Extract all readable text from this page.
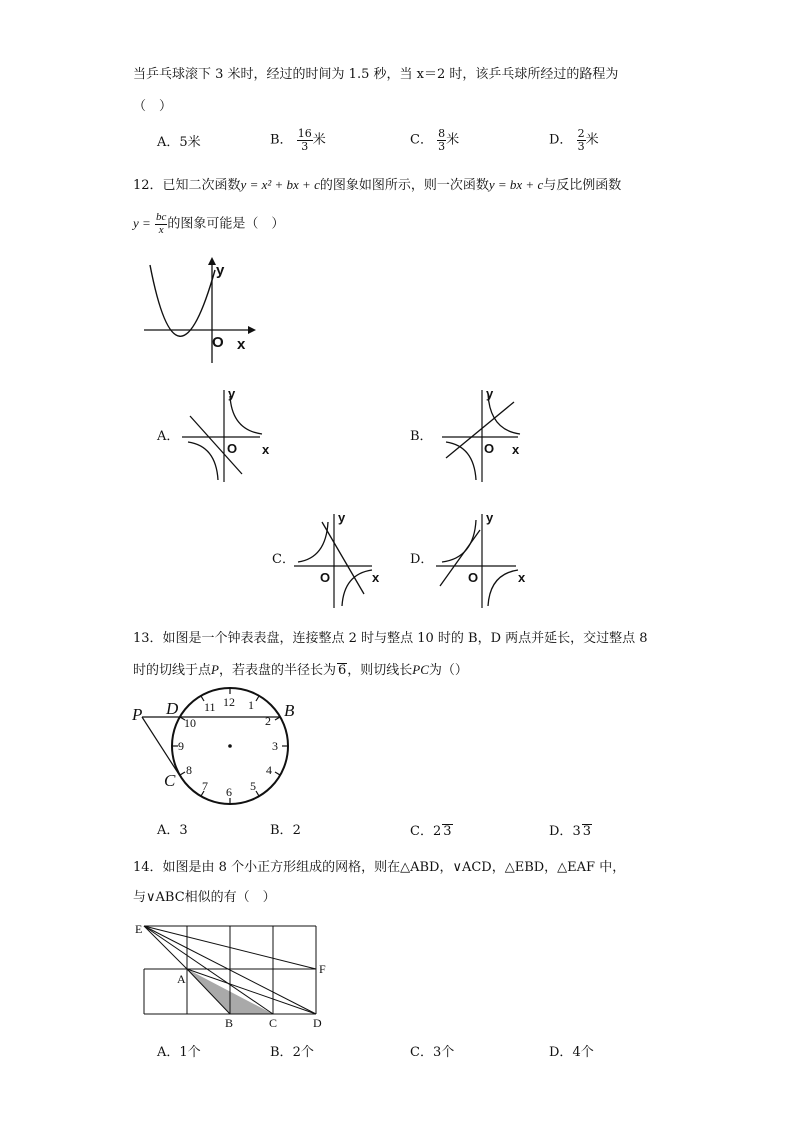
当乒乓球滚下 3 米时，经过的时间为 1.5 秒，当 x＝2 时，该乒乓球所经过的路程为
（　）
A．5米	B． $\frac{16}{3}$ 米	C． $\frac{8}{3}$ 米	D． $\frac{2}{3}$ 米
12．已知二次函数y = x² + bx + c的图象如图所示，则一次函数y = bx + c与反比例函数
$y = \frac{bc}{x}$ 的图象可能是（　）
y
O x
A．
y
O x
B．
y
O x
C．
y
O	x
D．
y
O	x
13．如图是一个钟表表盘，连接整点 2 时与整点 10 时的 B，D 两点并延长，交过整点 8
时的切线于点P，若表盘的半径长为 6，则切线长PC为（）
12 1
2
3
4
5
6
7
8
9
10
11
P D	B
C
A．3	B．2	C．2 3	D．3 3
14．如图是由 8 个小正方形组成的网格，则在△ABD，∨ACD，△EBD，△EAF 中，
与∨ABC相似的有（　）
E
F
A
B	C	D
A．1个	B．2个	C．3个	D．4个
